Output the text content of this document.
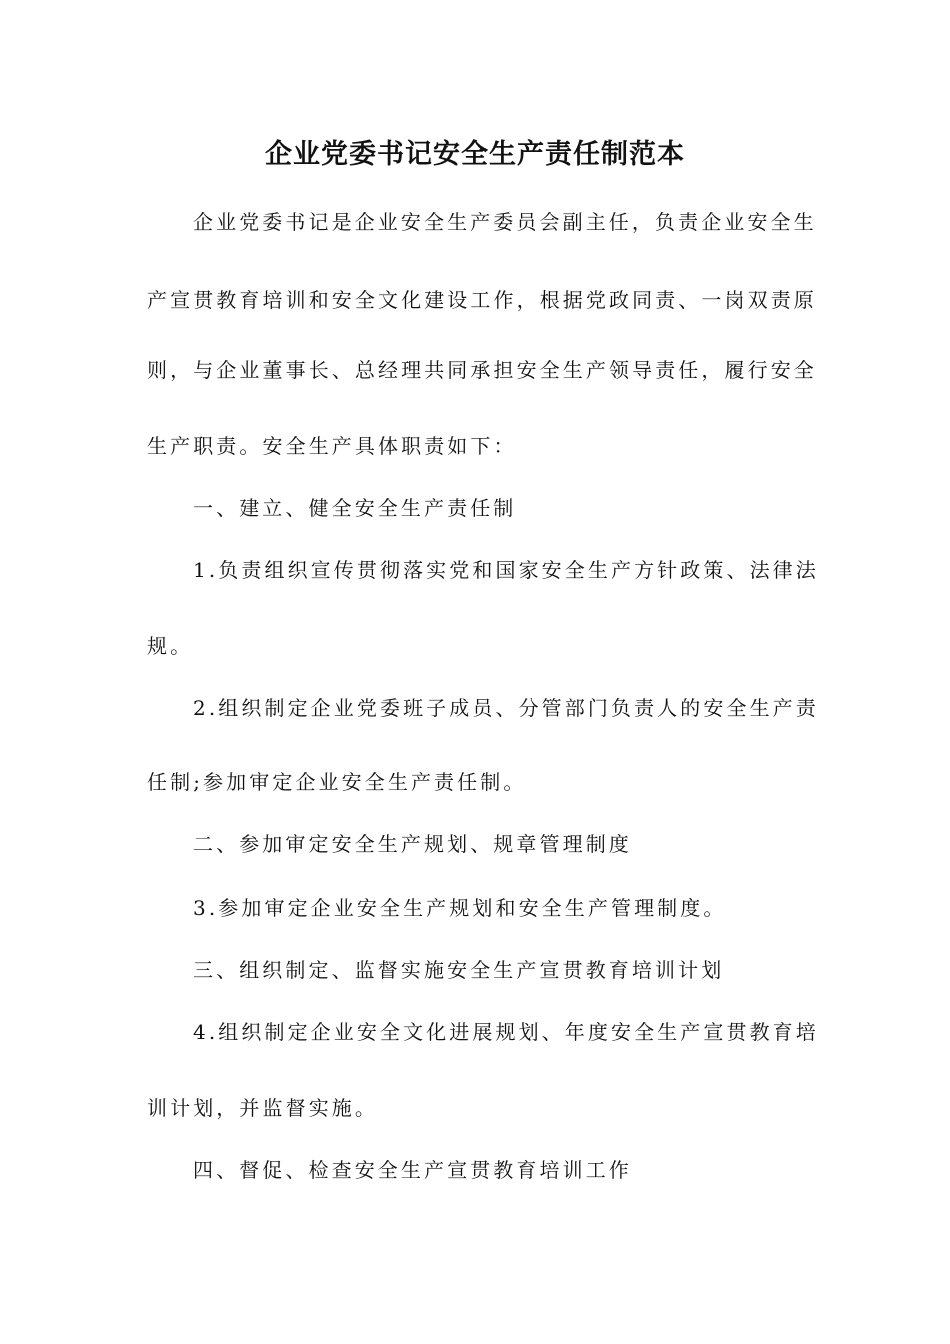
企业党委书记安全生产责任制范本
企业党委书记是企业安全生产委员会副主任，负责企业安全生
产宣贯教育培训和安全文化建设工作，根据党政同责、一岗双责原
则，与企业董事长、总经理共同承担安全生产领导责任，履行安全
生产职责。安全生产具体职责如下：
一、建立、健全安全生产责任制
1.负责组织宣传贯彻落实党和国家安全生产方针政策、法律法
规。
2.组织制定企业党委班子成员、分管部门负责人的安全生产责
任制;参加审定企业安全生产责任制。
二、参加审定安全生产规划、规章管理制度
3.参加审定企业安全生产规划和安全生产管理制度。
三、组织制定、监督实施安全生产宣贯教育培训计划
4.组织制定企业安全文化进展规划、年度安全生产宣贯教育培
训计划，并监督实施。
四、督促、检查安全生产宣贯教育培训工作
